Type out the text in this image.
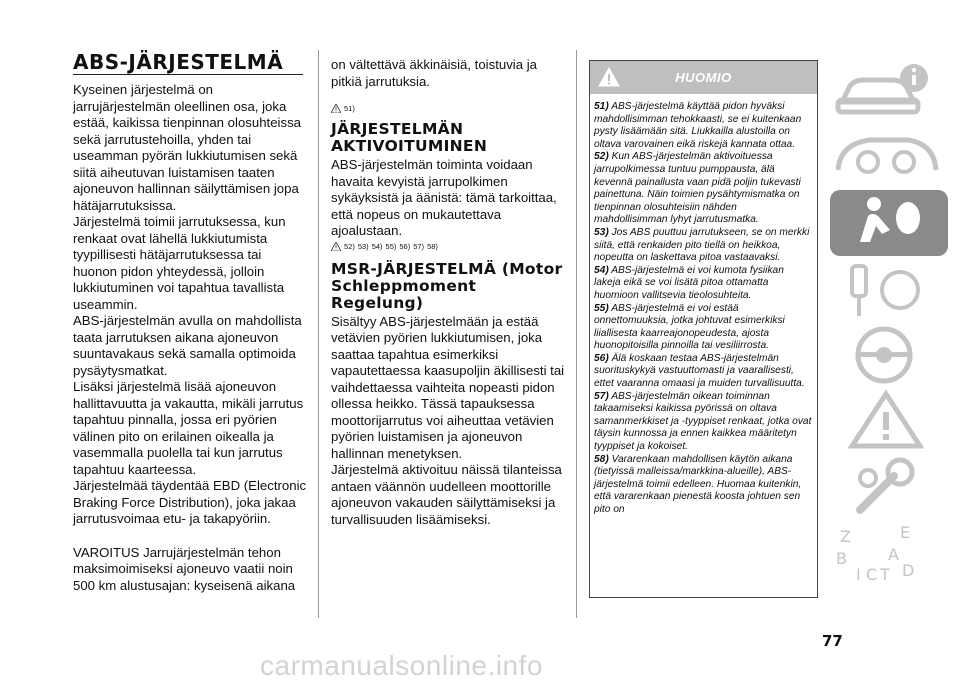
ABS-JÄRJESTELMÄ

Kyseinen järjestelmä on jarrujärjestelmän oleellinen osa, joka estää, kaikissa tienpinnan olosuhteissa sekä jarrutustehoilla, yhden tai useamman pyörän lukkiutumisen sekä siitä aiheutuvan luistamisen taaten ajoneuvon hallinnan säilyttämisen jopa hätäjarrutuksissa.

Järjestelmä toimii jarrutuksessa, kun renkaat ovat lähellä lukkiutumista tyypillisesti hätäjarrutuksessa tai huonon pidon yhteydessä, jolloin lukkiutuminen voi tapahtua tavallista useammin.

ABS-järjestelmän avulla on mahdollista taata jarrutuksen aikana ajoneuvon suuntavakaus sekä samalla optimoida pysäytysmatkat.

Lisäksi järjestelmä lisää ajoneuvon hallittavuutta ja vakautta, mikäli jarrutus tapahtuu pinnalla, jossa eri pyörien välinen pito on erilainen oikealla ja vasemmalla puolella tai kun jarrutus tapahtuu kaarteessa.

Järjestelmää täydentää EBD (Electronic Braking Force Distribution), joka jakaa jarrutusvoimaa etu- ja takapyöriin.

VAROITUS Jarrujärjestelmän tehon maksimoimiseksi ajoneuvo vaatii noin 500 km alustusajan: kyseisenä aikana

on vältettävä äkkinäisiä, toistuvia ja pitkiä jarrutuksia.

51)
JÄRJESTELMÄN AKTIVOITUMINEN

ABS-järjestelmän toiminta voidaan havaita kevyistä jarrupolkimen sykäyksistä ja äänistä: tämä tarkoittaa, että nopeus on mukautettava ajoalustaan.

52) 53) 54) 55) 56) 57) 58)
MSR-JÄRJESTELMÄ (Motor Schleppmoment Regelung)

Sisältyy ABS-järjestelmään ja estää vetävien pyörien lukkiutumisen, joka saattaa tapahtua esimerkiksi vapautettaessa kaasupoljin äkillisesti tai vaihdettaessa vaihteita nopeasti pidon ollessa heikko. Tässä tapauksessa moottorijarrutus voi aiheuttaa vetävien pyörien luistamisen ja ajoneuvon hallinnan menetyksen.

Järjestelmä aktivoituu näissä tilanteissa antaen väännön uudelleen moottorille ajoneuvon vakauden säilyttämiseksi ja turvallisuuden lisäämiseksi.

HUOMIO

51) ABS-järjestelmä käyttää pidon hyväksi mahdollisimman tehokkaasti, se ei kuitenkaan pysty lisäämään sitä. Liukkailla alustoilla on oltava varovainen eikä riskejä kannata ottaa.

52) Kun ABS-järjestelmän aktivoituessa jarrupolkimessa tuntuu pumppausta, älä kevennä painallusta vaan pidä poljin tukevasti painettuna. Näin toimien pysähtymismatka on tienpinnan olosuhteisiin nähden mahdollisimman lyhyt jarrutusmatka.

53) Jos ABS puuttuu jarrutukseen, se on merkki siitä, että renkaiden pito tiellä on heikkoa, nopeutta on laskettava pitoa vastaavaksi.

54) ABS-järjestelmä ei voi kumota fysiikan lakeja eikä se voi lisätä pitoa ottamatta huomioon vallitsevia tieolosuhteita.

55) ABS-järjestelmä ei voi estää onnettomuuksia, jotka johtuvat esimerkiksi liiallisesta kaarreajonopeudesta, ajosta huonopitoisilla pinnoilla tai vesiliirrosta.

56) Älä koskaan testaa ABS-järjestelmän suorituskykyä vastuuttomasti ja vaarallisesti, ettet vaaranna omaasi ja muiden turvallisuutta.

57) ABS-järjestelmän oikean toiminnan takaamiseksi kaikissa pyörissä on oltava samanmerkkiset ja -tyyppiset renkaat, jotka ovat täysin kunnossa ja ennen kaikkea määritetyn tyyppiset ja kokoiset.

58) Vararenkaan mahdollisen käytön aikana (tietyissä malleissa/markkina-alueille), ABS-järjestelmä toimii edelleen. Huomaa kuitenkin, että vararenkaan pienestä koosta johtuen sen pito on

Z	E
B	A
I C T D
77
carmanualsonline.info
